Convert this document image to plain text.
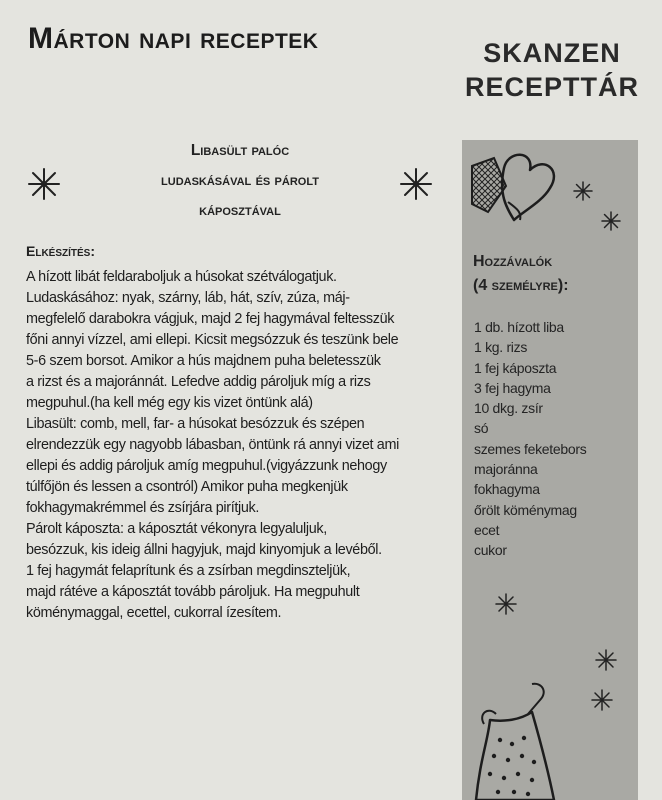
Márton napi receptek	SKANZEN
RECEPTTÁR
Libasült palóc
ludaskásával és párolt
káposztával
Elkészítés:

A hízott libát feldaraboljuk a húsokat szétválogatjuk.

Ludaskásához: nyak, szárny, láb, hát, szív, zúza, máj-

megfelelő darabokra vágjuk, majd 2 fej hagymával feltesszük

főni annyi vízzel, ami ellepi. Kicsit megsózzuk és teszünk bele

5-6 szem borsot. Amikor a hús majdnem puha beletesszük

a rizst és a majoránnát. Lefedve addig pároljuk míg a rizs

megpuhul.(ha kell még egy kis vizet öntünk alá)

Libasült: comb, mell, far- a húsokat besózzuk és szépen

elrendezzük egy nagyobb lábasban, öntünk rá annyi vizet ami

ellepi és addig pároljuk amíg megpuhul.(vigyázzunk nehogy

túlfőjön és lessen a csontról) Amikor puha megkenjük

fokhagymakrémmel és zsírjára pirítjuk.

Párolt káposzta: a káposztát vékonyra legyaluljuk,

besózzuk, kis ideig állni hagyjuk, majd kinyomjuk a levéből.

1 fej hagymát felaprítunk és a zsírban megdinszteljük,

majd rátéve a káposztát tovább pároljuk. Ha megpuhult

köménymaggal, ecettel, cukorral ízesítem.

Hozzávalók
(4 személyre):
1 db. hízott liba
1 kg. rizs
1 fej káposzta
3 fej hagyma
10 dkg. zsír
só
szemes feketebors
majoránna
fokhagyma
őrölt köménymag
ecet
cukor
